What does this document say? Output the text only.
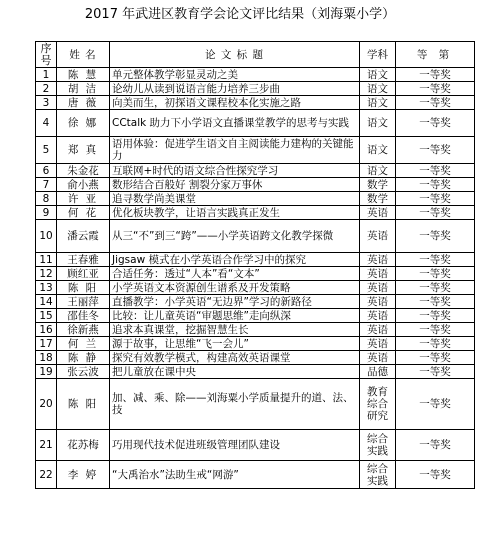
2017 年武进区教育学会论文评比结果（刘海粟小学）
序号	姓 名	论 文 标 题	学科	等 第
1	陈 慧	单元整体教学彰显灵动之美	语文	一等奖
2	胡 洁	论幼儿从读到说语言能力培养三步曲	语文	一等奖
3	唐 薇	向美而生，初探语文课程校本化实施之路	语文	一等奖
4	徐 娜	CCtalk 助力下小学语文直播课堂教学的思考与实践	语文	一等奖
5	郑 真	语用体验：促进学生语文自主阅读能力建构的关键能力	语文	一等奖
6	朱金花	互联网+时代的语文综合性探究学习	语文	一等奖
7	俞小燕	数形结合百般好 割裂分家万事休	数学	一等奖
8	许 亚	追寻数学尚美课堂	数学	一等奖
9	何 花	优化板块教学，让语言实践真正发生	英语	一等奖
10	潘云霞	从三“不”到三“跨”——小学英语跨文化教学探微	英语	一等奖
11	王春雅	Jigsaw 模式在小学英语合作学习中的探究	英语	一等奖
12	顾红亚	合适任务：透过“人本”看“文本”	英语	一等奖
13	陈 阳	小学英语文本资源创生谱系及开发策略	英语	一等奖
14	王丽萍	直播教学：小学英语“无边界”学习的新路径	英语	一等奖
15	邵佳冬	比较：让儿童英语“审题思维”走向纵深	英语	一等奖
16	徐新燕	追求本真课堂，挖掘智慧生长	英语	一等奖
17	何 兰	源于故事，让思维“飞一会儿”	英语	一等奖
18	陈 静	探究有效教学模式，构建高效英语课堂	英语	一等奖
19	张云波	把儿童放在课中央	品德	一等奖
20	陈 阳	加、减、乘、除——刘海粟小学质量提升的道、法、技	教育综合研究	一等奖
21	花苏梅	巧用现代技术促进班级管理团队建设	综合实践	一等奖
22	李 婷	“大禹治水”法助生戒“网游”	综合实践	一等奖
